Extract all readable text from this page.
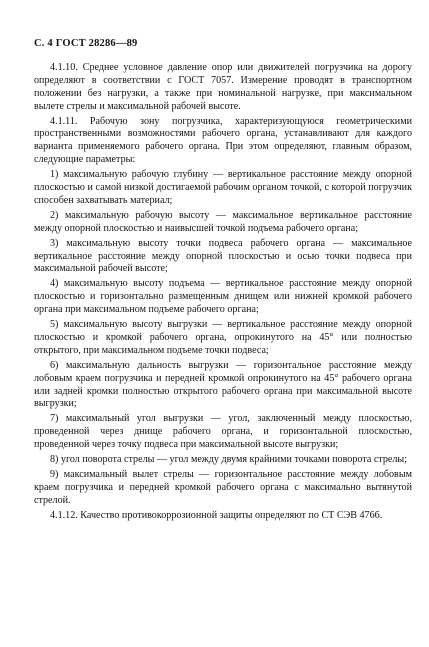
С. 4 ГОСТ 28286—89

4.1.10. Среднее условное давление опор или движителей погрузчика на дорогу определяют в соответствии с ГОСТ 7057. Измерение проводят в транспортном положении без нагрузки, а также при номинальной нагрузке, при максимальном вылете стрелы и максимальной рабочей высоте.

4.1.11. Рабочую зону погрузчика, характеризующуюся геометрическими пространственными возможностями рабочего органа, устанавливают для каждого варианта применяемого рабочего органа. При этом определяют, главным образом, следующие параметры:

1) максимальную рабочую глубину — вертикальное расстояние между опорной плоскостью и самой низкой достигаемой рабочим органом точкой, с которой погрузчик способен захватывать материал;

2) максимальную рабочую высоту — максимальное вертикальное расстояние между опорной плоскостью и наивысшей точкой подъема рабочего органа;

3) максимальную высоту точки подвеса рабочего органа — максимальное вертикальное расстояние между опорной плоскостью и осью точки подвеса при максимальной рабочей высоте;

4) максимальную высоту подъема — вертикальное расстояние между опорной плоскостью и горизонтально размещенным днищем или нижней кромкой рабочего органа при максимальном подъеме рабочего органа;

5) максимальную высоту выгрузки — вертикальное расстояние между опорной плоскостью и кромкой рабочего органа, опрокинутого на 45° или полностью открытого, при максимальном подъеме точки подвеса;

6) максимальную дальность выгрузки — горизонтальное расстояние между лобовым краем погрузчика и передней кромкой опрокинутого на 45° рабочего органа или задней кромки полностью открытого рабочего органа при максимальной высоте выгрузки;

7) максимальный угол выгрузки — угол, заключенный между плоскостью, проведенной через днище рабочего органа, и горизонтальной плоскостью, проведенной через точку подвеса при максимальной высоте выгрузки;

8) угол поворота стрелы — угол между двумя крайними точками поворота стрелы;

9) максимальный вылет стрелы — горизонтальное расстояние между лобовым краем погрузчика и передней кромкой рабочего органа с максимально вытянутой стрелой.

4.1.12. Качество противокоррозионной защиты определяют по СТ СЭВ 4766.
